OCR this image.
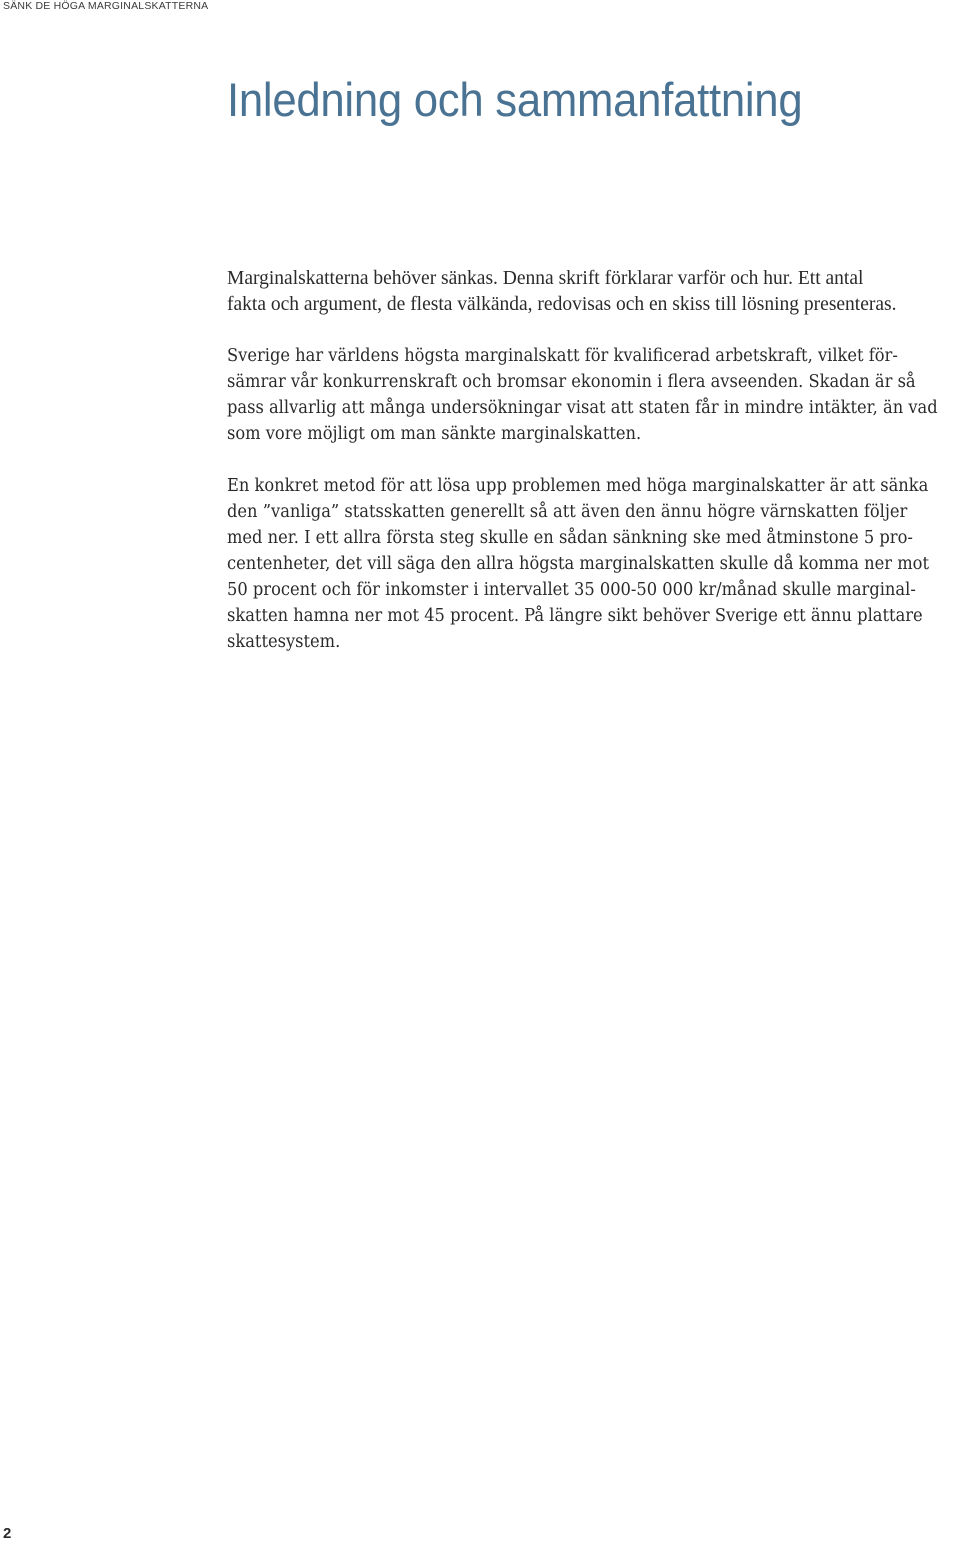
SÄNK DE HÖGA MARGINALSKATTERNA
Inledning och sammanfattning
Marginalskatterna behöver sänkas. Denna skrift förklarar varför och hur. Ett antal
fakta och argument, de flesta välkända, redovisas och en skiss till lösning presenteras.
Sverige har världens högsta marginalskatt för kvalificerad arbetskraft, vilket för-
sämrar vår konkurrenskraft och bromsar ekonomin i flera avseenden. Skadan är så
pass allvarlig att många undersökningar visat att staten får in mindre intäkter, än vad
som vore möjligt om man sänkte marginalskatten.
En konkret metod för att lösa upp problemen med höga marginalskatter är att sänka
den ”vanliga” statsskatten generellt så att även den ännu högre värnskatten följer
med ner. I ett allra första steg skulle en sådan sänkning ske med åtminstone 5 pro-
centenheter, det vill säga den allra högsta marginalskatten skulle då komma ner mot
50 procent och för inkomster i intervallet 35 000-50 000 kr/månad skulle marginal-
skatten hamna ner mot 45 procent. På längre sikt behöver Sverige ett ännu plattare
skattesystem.
2
